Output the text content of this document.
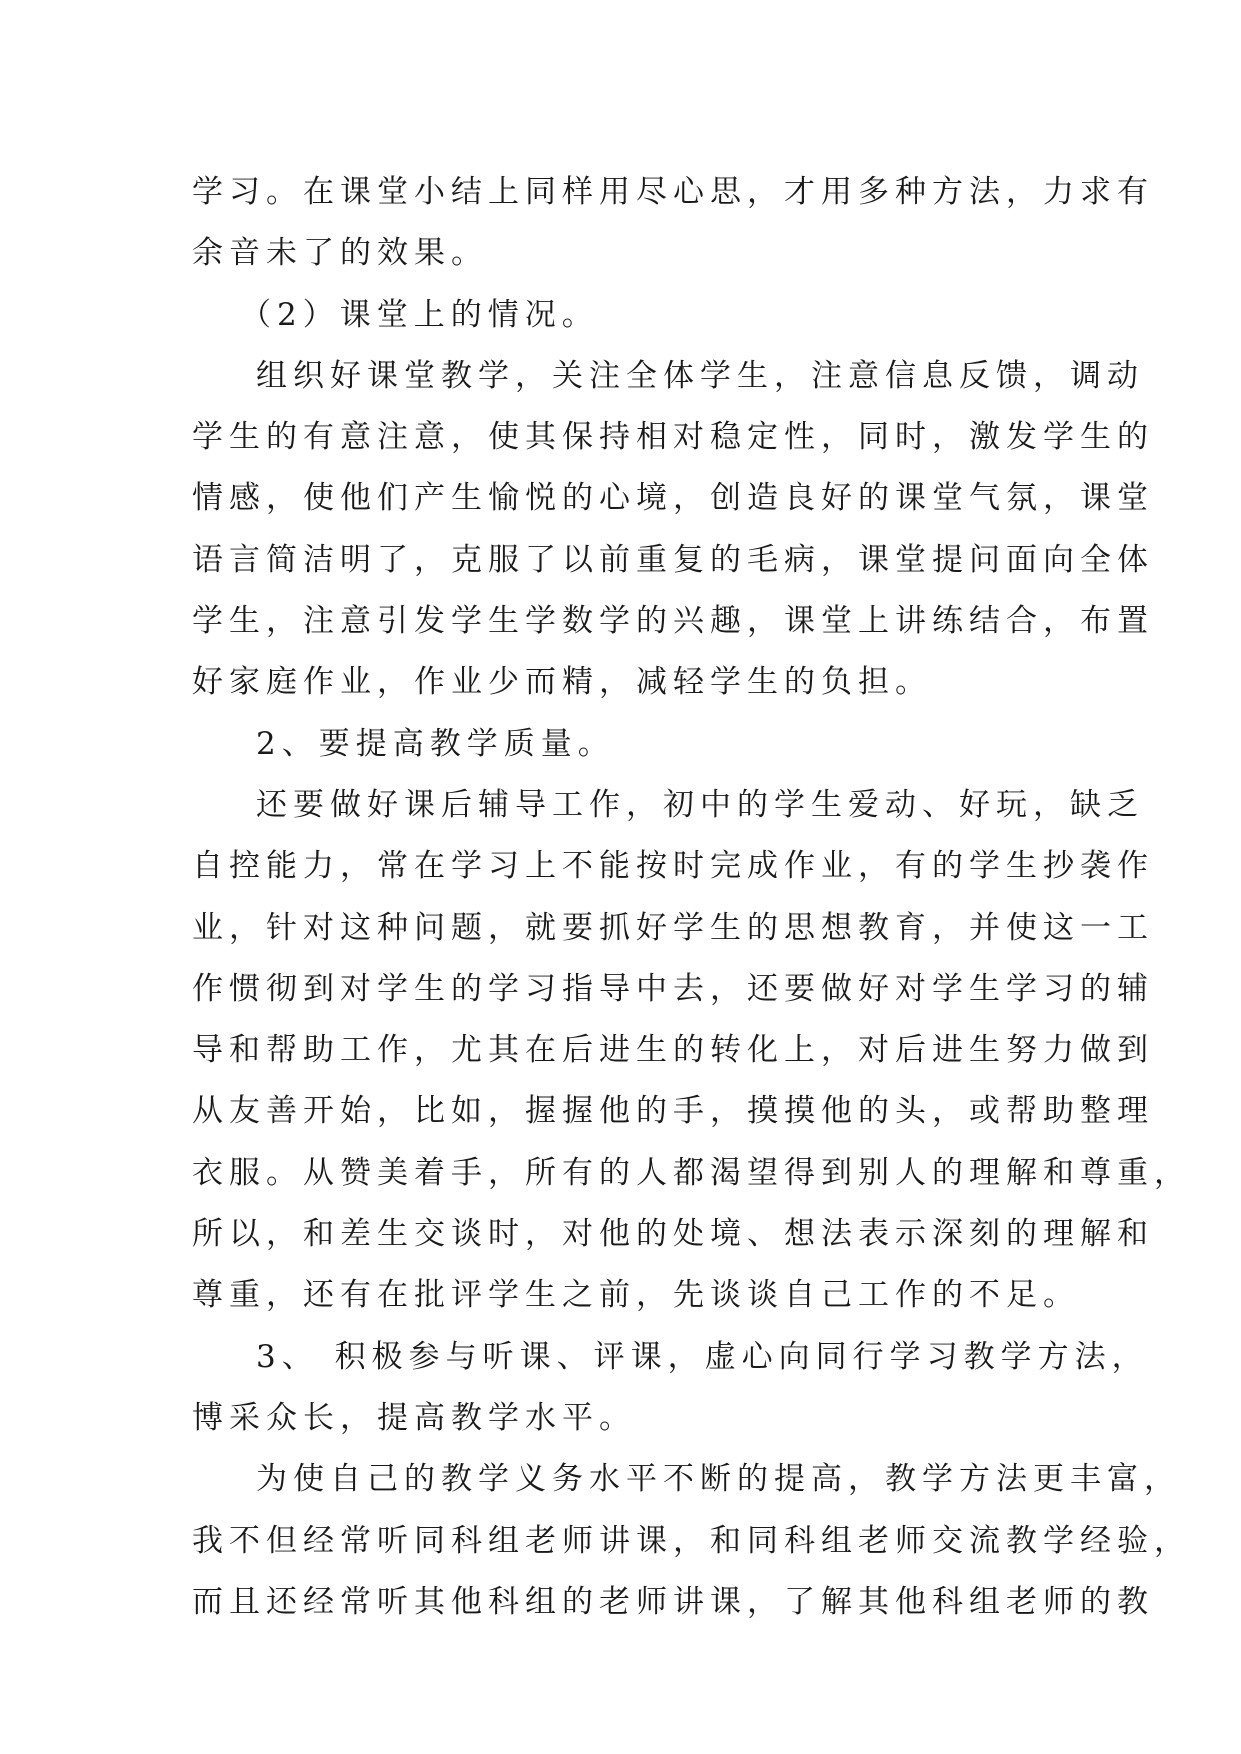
学习。在课堂小结上同样用尽心思，才用多种方法，力求有
余音未了的效果。
（2）课堂上的情况。
组织好课堂教学，关注全体学生，注意信息反馈，调动
学生的有意注意，使其保持相对稳定性，同时，激发学生的
情感，使他们产生愉悦的心境，创造良好的课堂气氛，课堂
语言简洁明了，克服了以前重复的毛病，课堂提问面向全体
学生，注意引发学生学数学的兴趣，课堂上讲练结合，布置
好家庭作业，作业少而精，减轻学生的负担。
2、要提高教学质量。
还要做好课后辅导工作，初中的学生爱动、好玩，缺乏
自控能力，常在学习上不能按时完成作业，有的学生抄袭作
业，针对这种问题，就要抓好学生的思想教育，并使这一工
作惯彻到对学生的学习指导中去，还要做好对学生学习的辅
导和帮助工作，尤其在后进生的转化上，对后进生努力做到
从友善开始，比如，握握他的手，摸摸他的头，或帮助整理
衣服。从赞美着手，所有的人都渴望得到别人的理解和尊重，
所以，和差生交谈时，对他的处境、想法表示深刻的理解和
尊重，还有在批评学生之前，先谈谈自己工作的不足。
3、 积极参与听课、评课，虚心向同行学习教学方法，
博采众长，提高教学水平。
为使自己的教学义务水平不断的提高，教学方法更丰富，
我不但经常听同科组老师讲课，和同科组老师交流教学经验，
而且还经常听其他科组的老师讲课，了解其他科组老师的教
